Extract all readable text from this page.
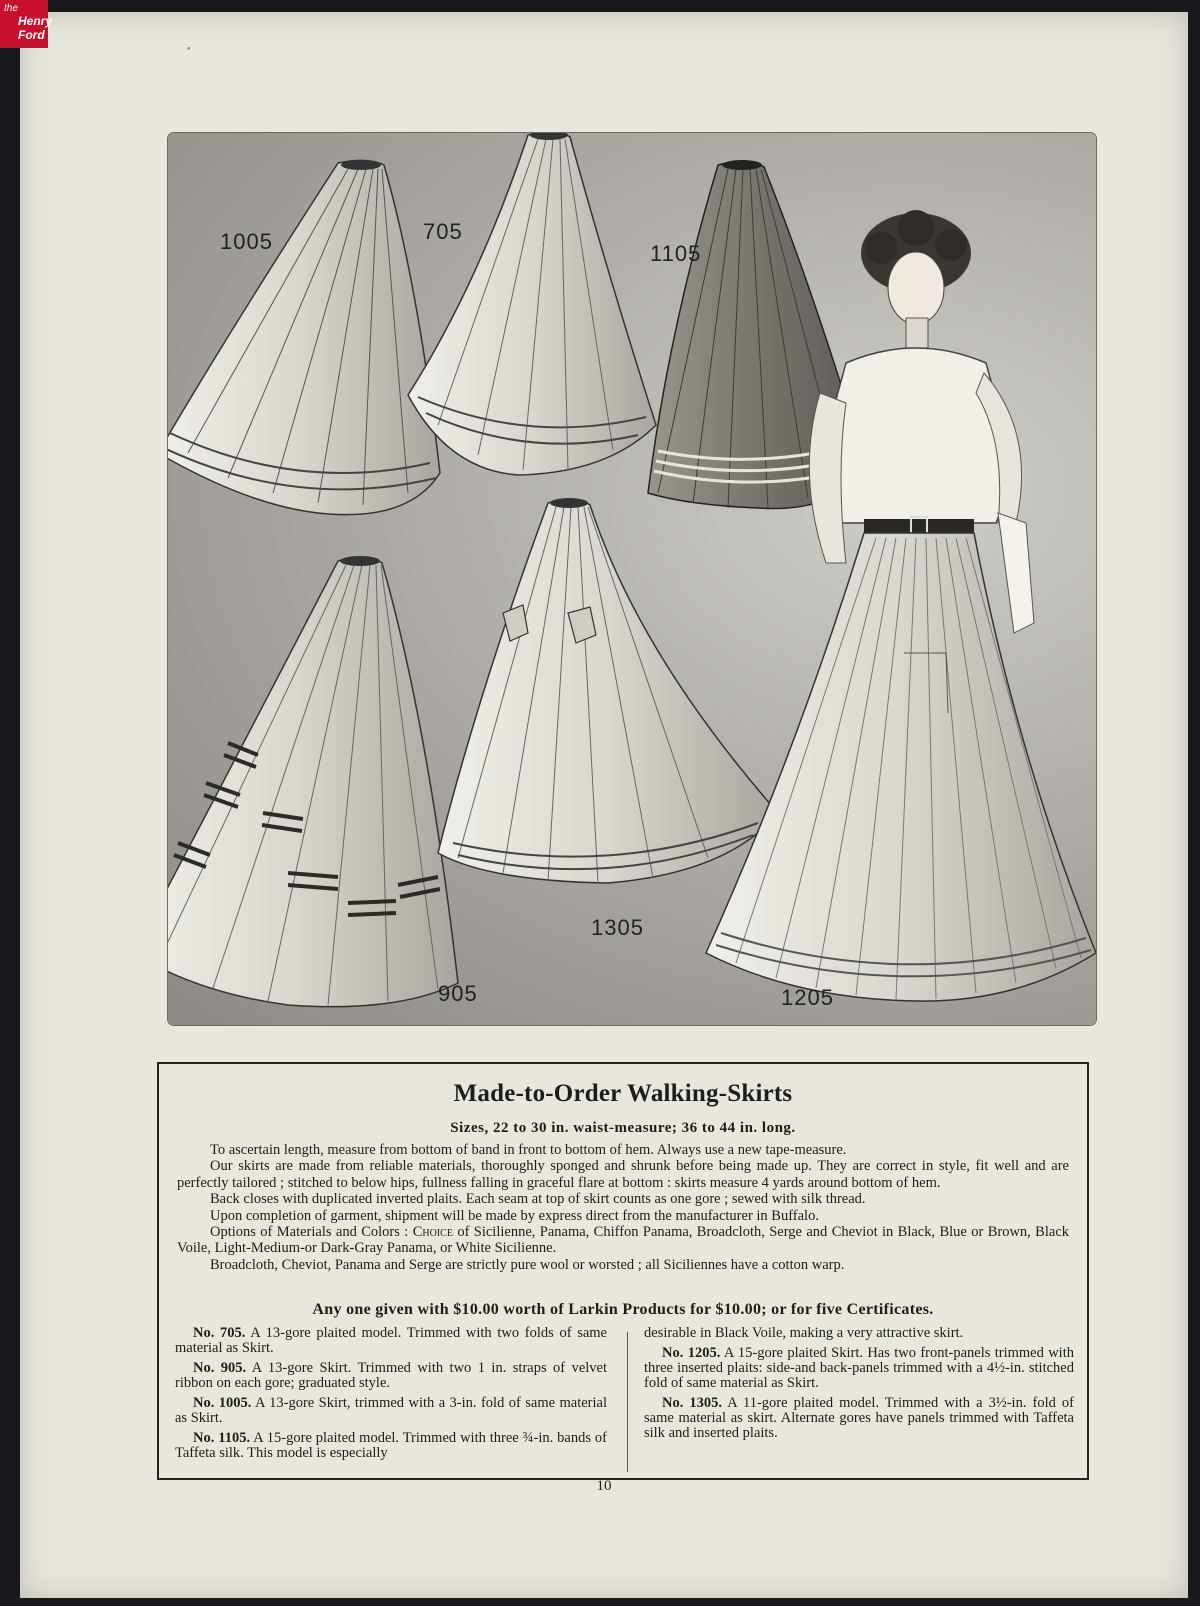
the
Henry
Ford
•
1005	705
1105
905
1305
1205
Made-to-Order Walking-Skirts
Sizes, 22 to 30 in. waist-measure; 36 to 44 in. long.

To ascertain length, measure from bottom of band in front to bottom of hem. Always use a new tape-measure.

Our skirts are made from reliable materials, thoroughly sponged and shrunk before being made up. They are correct in style, fit well and are perfectly tailored ; stitched to below hips, fullness falling in graceful flare at bottom : skirts measure 4 yards around bottom of hem.

Back closes with duplicated inverted plaits. Each seam at top of skirt counts as one gore ; sewed with silk thread.

Upon completion of garment, shipment will be made by express direct from the manufacturer in Buffalo.

Options of Materials and Colors : Choice of Sicilienne, Panama, Chiffon Panama, Broadcloth, Serge and Cheviot in Black, Blue or Brown, Black Voile, Light-Medium-or Dark-Gray Panama, or White Sicilienne.

Broadcloth, Cheviot, Panama and Serge are strictly pure wool or worsted ; all Siciliennes have a cotton warp.

Any one given with $10.00 worth of Larkin Products for $10.00; or for five Certificates.

No. 705. A 13-gore plaited model. Trimmed with two folds of same material as Skirt.

No. 905. A 13-gore Skirt. Trimmed with two 1 in. straps of velvet ribbon on each gore; graduated style.

No. 1005. A 13-gore Skirt, trimmed with a 3-in. fold of same material as Skirt.

No. 1105. A 15-gore plaited model. Trimmed with three ¾-in. bands of Taffeta silk. This model is especially

desirable in Black Voile, making a very attractive skirt.

No. 1205. A 15-gore plaited Skirt. Has two front-panels trimmed with three inserted plaits: side-and back-panels trimmed with a 4½-in. stitched fold of same material as Skirt.

No. 1305. A 11-gore plaited model. Trimmed with a 3½-in. fold of same material as skirt. Alternate gores have panels trimmed with Taffeta silk and inserted plaits.

10
